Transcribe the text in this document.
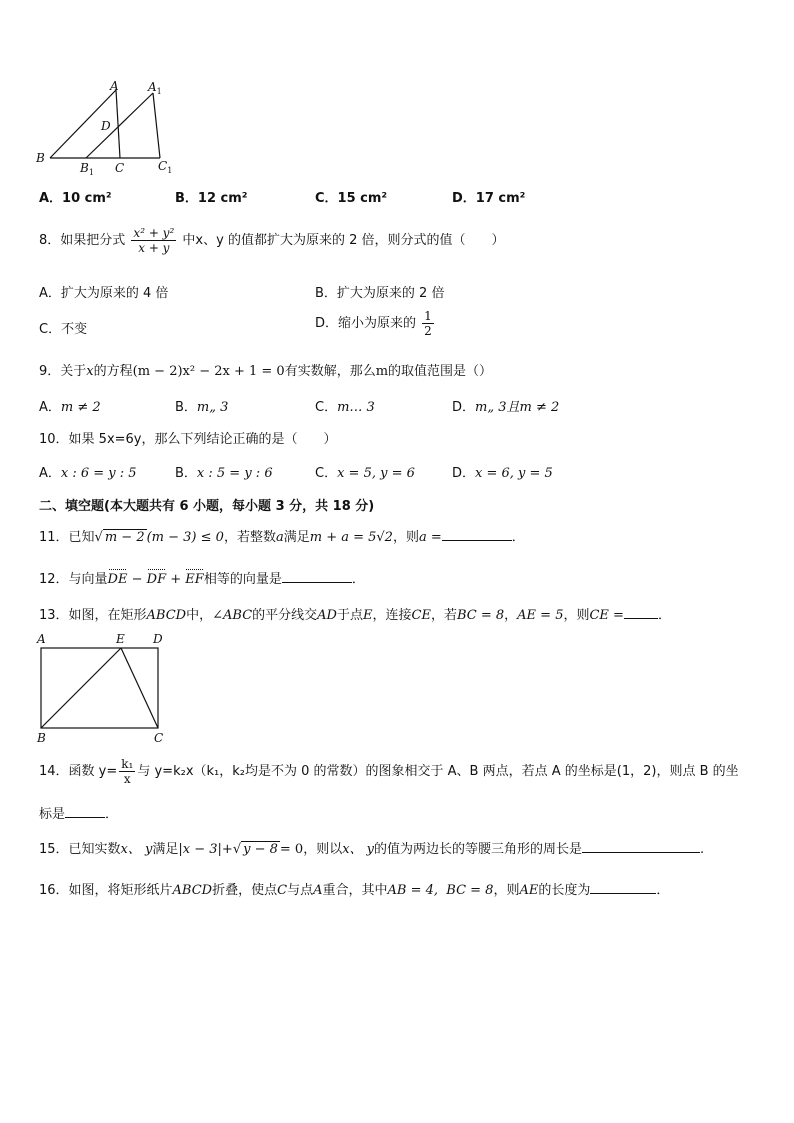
A $A_1$
D
B
$B_1$ C	$C_1$
A．10 cm²	B．12 cm²	C．15 cm²	D．17 cm²
8．如果把分式 $\frac{\text{x² + y²}}{x + y}$ 中x、y 的值都扩大为原来的 2 倍，则分式的值（　　）
A．扩大为原来的 4 倍	B．扩大为原来的 2 倍
C．不变	D．缩小为原来的 $\frac{1}{2}$
9．关于x的方程(m − 2)x² − 2x + 1 = 0有实数解，那么m的取值范围是（）
A．m ≠ 2	B．m„ 3	C．m… 3	D．m„ 3且m ≠ 2
10．如果 5x=6y，那么下列结论正确的是（　　）
A．x : 6 = y : 5	B．x : 5 = y : 6	C．x = 5, y = 6	D．x = 6, y = 5
二、填空题(本大题共有 6 小题，每小题 3 分，共 18 分)
11．已知√ m − 2 (m − 3) ≤ 0，若整数a满足m + a = 5√2，则a =	．
12．与向量DE − DF + EF相等的向量是	．
13．如图，在矩形ABCD中，∠ABC的平分线交AD于点E，连接CE，若BC = 8，AE = 5，则CE =	．
A	E D
B	C
14．函数 $y= \frac{\text{k₁}}{x}$ 与 y=k₂x（k₁，k₂均是不为 0 的常数）的图象相交于 A、B 两点，若点 A 的坐标是(1，2)，则点 B 的坐
标是	．
15．已知实数x、 y满足|x − 3|+√ y − 8 = 0，则以x、 y的值为两边长的等腰三角形的周长是	.
16．如图，将矩形纸片ABCD折叠，使点C与点A重合，其中AB = 4, BC = 8，则AE的长度为	．
